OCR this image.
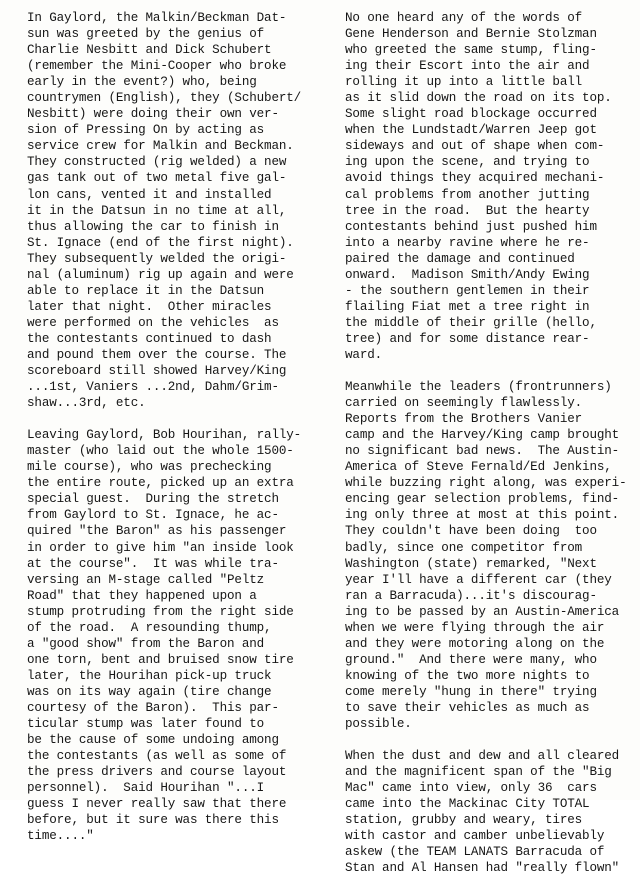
In Gaylord, the Malkin/Beckman Dat-
sun was greeted by the genius of
Charlie Nesbitt and Dick Schubert
(remember the Mini-Cooper who broke
early in the event?) who, being
countrymen (English), they (Schubert/
Nesbitt) were doing their own ver-
sion of Pressing On by acting as
service crew for Malkin and Beckman.
They constructed (rig welded) a new
gas tank out of two metal five gal-
lon cans, vented it and installed
it in the Datsun in no time at all,
thus allowing the car to finish in
St. Ignace (end of the first night).
They subsequently welded the origi-
nal (aluminum) rig up again and were
able to replace it in the Datsun
later that night.  Other miracles
were performed on the vehicles  as
the contestants continued to dash
and pound them over the course. The
scoreboard still showed Harvey/King
...1st, Vaniers ...2nd, Dahm/Grim-
shaw...3rd, etc.
Leaving Gaylord, Bob Hourihan, rally-
master (who laid out the whole 1500-
mile course), who was prechecking
the entire route, picked up an extra
special guest.  During the stretch
from Gaylord to St. Ignace, he ac-
quired "the Baron" as his passenger
in order to give him "an inside look
at the course".  It was while tra-
versing an M-stage called "Peltz
Road" that they happened upon a
stump protruding from the right side
of the road.  A resounding thump,
a "good show" from the Baron and
one torn, bent and bruised snow tire
later, the Hourihan pick-up truck
was on its way again (tire change
courtesy of the Baron).  This par-
ticular stump was later found to
be the cause of some undoing among
the contestants (as well as some of
the press drivers and course layout
personnel).  Said Hourihan "...I
guess I never really saw that there
before, but it sure was there this
time...."
No one heard any of the words of
Gene Henderson and Bernie Stolzman
who greeted the same stump, fling-
ing their Escort into the air and
rolling it up into a little ball
as it slid down the road on its top.
Some slight road blockage occurred
when the Lundstadt/Warren Jeep got
sideways and out of shape when com-
ing upon the scene, and trying to
avoid things they acquired mechani-
cal problems from another jutting
tree in the road.  But the hearty
contestants behind just pushed him
into a nearby ravine where he re-
paired the damage and continued
onward.  Madison Smith/Andy Ewing
- the southern gentlemen in their
flailing Fiat met a tree right in
the middle of their grille (hello,
tree) and for some distance rear-
ward.
Meanwhile the leaders (frontrunners)
carried on seemingly flawlessly.
Reports from the Brothers Vanier
camp and the Harvey/King camp brought
no significant bad news.  The Austin-
America of Steve Fernald/Ed Jenkins,
while buzzing right along, was experi-
encing gear selection problems, find-
ing only three at most at this point.
They couldn't have been doing  too
badly, since one competitor from
Washington (state) remarked, "Next
year I'll have a different car (they
ran a Barracuda)...it's discourag-
ing to be passed by an Austin-America
when we were flying through the air
and they were motoring along on the
ground."  And there were many, who
knowing of the two more nights to
come merely "hung in there" trying
to save their vehicles as much as
possible.
When the dust and dew and all cleared
and the magnificent span of the "Big
Mac" came into view, only 36  cars
came into the Mackinac City TOTAL
station, grubby and weary, tires
with castor and camber unbelievably
askew (the TEAM LANATS Barracuda of
Stan and Al Hansen had "really flown"
